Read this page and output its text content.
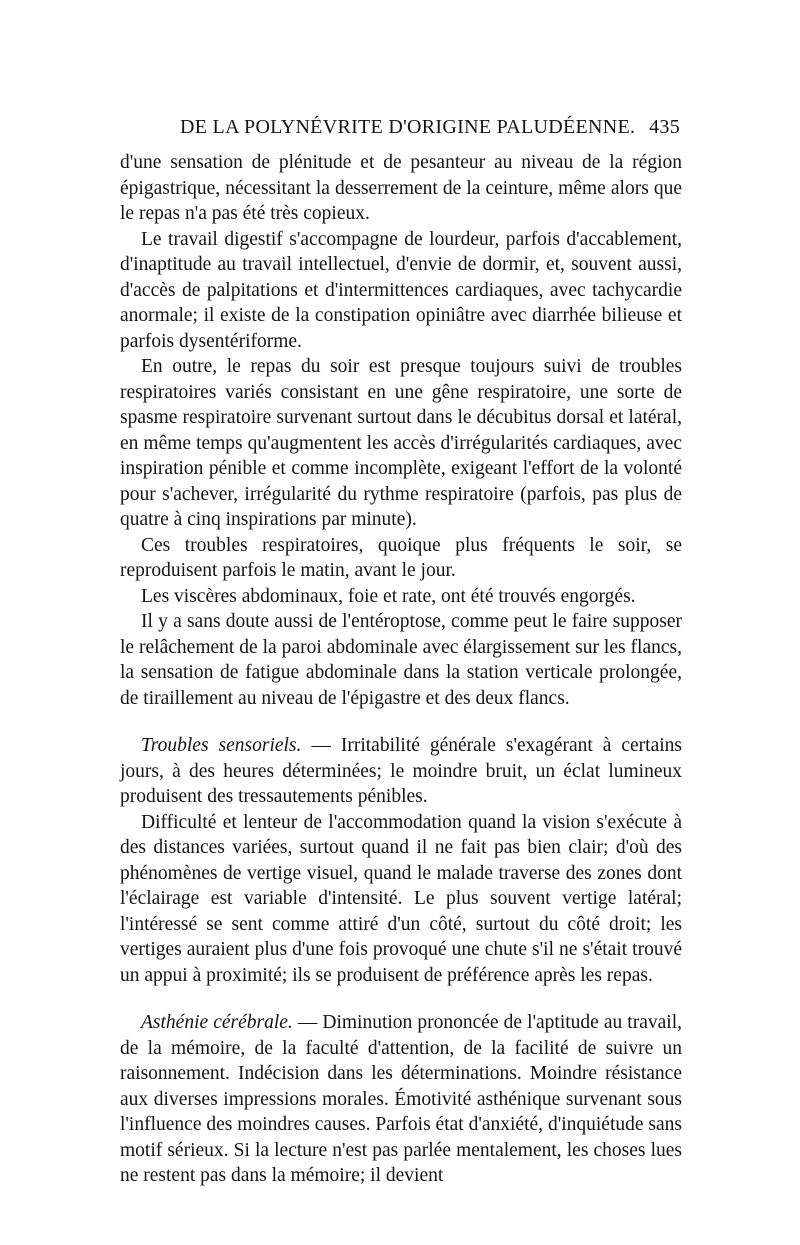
DE LA POLYNÉVRITE D'ORIGINE PALUDÉENNE. 435

d'une sensation de plénitude et de pesanteur au niveau de la région épigastrique, nécessitant la desserrement de la ceinture, même alors que le repas n'a pas été très copieux.

Le travail digestif s'accompagne de lourdeur, parfois d'accablement, d'inaptitude au travail intellectuel, d'envie de dormir, et, souvent aussi, d'accès de palpitations et d'intermittences cardiaques, avec tachycardie anormale; il existe de la constipation opiniâtre avec diarrhée bilieuse et parfois dysentériforme.

En outre, le repas du soir est presque toujours suivi de troubles respiratoires variés consistant en une gêne respiratoire, une sorte de spasme respiratoire survenant surtout dans le décubitus dorsal et latéral, en même temps qu'augmentent les accès d'irrégularités cardiaques, avec inspiration pénible et comme incomplète, exigeant l'effort de la volonté pour s'achever, irrégularité du rythme respiratoire (parfois, pas plus de quatre à cinq inspirations par minute).

Ces troubles respiratoires, quoique plus fréquents le soir, se reproduisent parfois le matin, avant le jour.

Les viscères abdominaux, foie et rate, ont été trouvés engorgés.

Il y a sans doute aussi de l'entéroptose, comme peut le faire supposer le relâchement de la paroi abdominale avec élargissement sur les flancs, la sensation de fatigue abdominale dans la station verticale prolongée, de tiraillement au niveau de l'épigastre et des deux flancs.

Troubles sensoriels. — Irritabilité générale s'exagérant à certains jours, à des heures déterminées; le moindre bruit, un éclat lumineux produisent des tressautements pénibles.

Difficulté et lenteur de l'accommodation quand la vision s'exécute à des distances variées, surtout quand il ne fait pas bien clair; d'où des phénomènes de vertige visuel, quand le malade traverse des zones dont l'éclairage est variable d'intensité. Le plus souvent vertige latéral; l'intéressé se sent comme attiré d'un côté, surtout du côté droit; les vertiges auraient plus d'une fois provoqué une chute s'il ne s'était trouvé un appui à proximité; ils se produisent de préférence après les repas.

Asthénie cérébrale. — Diminution prononcée de l'aptitude au travail, de la mémoire, de la faculté d'attention, de la facilité de suivre un raisonnement. Indécision dans les déterminations. Moindre résistance aux diverses impressions morales. Émotivité asthénique survenant sous l'influence des moindres causes. Parfois état d'anxiété, d'inquiétude sans motif sérieux. Si la lecture n'est pas parlée mentalement, les choses lues ne restent pas dans la mémoire; il devient
